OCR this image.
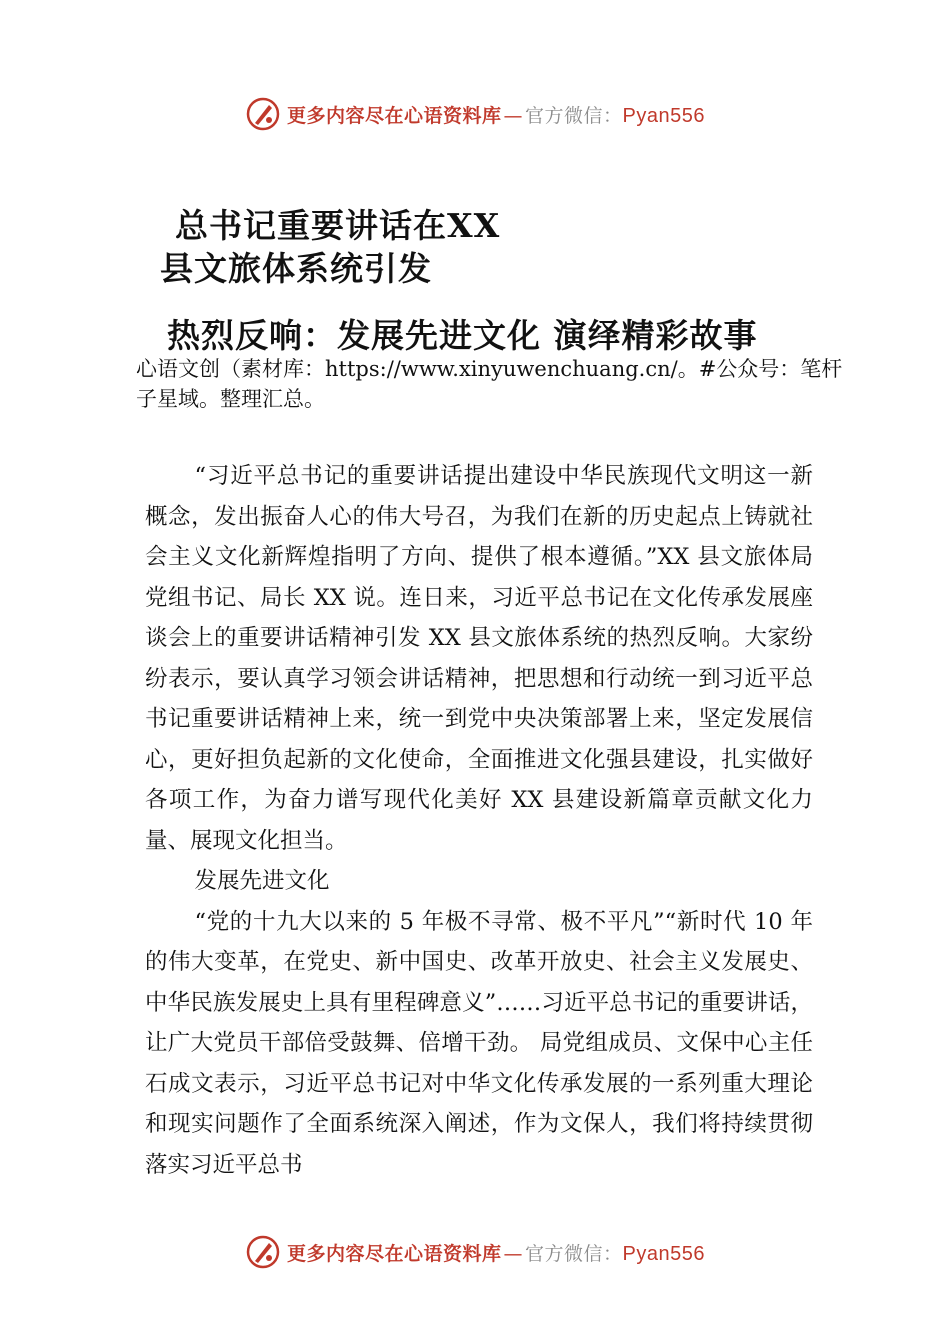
更多内容尽在心语资料库 — 官方微信：Pyan556
总书记重要讲话在XX
县文旅体系统引发
热烈反响：发展先进文化 演绎精彩故事
心语文创（素材库：https://www.xinyuwenchuang.cn/。#公众号：笔杆子星域。整理汇总。

“习近平总书记的重要讲话提出建设中华民族现代文明这一新概念，发出振奋人心的伟大号召，为我们在新的历史起点上铸就社会主义文化新辉煌指明了方向、提供了根本遵循。”XX 县文旅体局党组书记、局长 XX 说。连日来，习近平总书记在文化传承发展座谈会上的重要讲话精神引发 XX 县文旅体系统的热烈反响。大家纷纷表示，要认真学习领会讲话精神，把思想和行动统一到习近平总书记重要讲话精神上来，统一到党中央决策部署上来，坚定发展信心，更好担负起新的文化使命，全面推进文化强县建设，扎实做好各项工作，为奋力谱写现代化美好 XX 县建设新篇章贡献文化力量、展现文化担当。

发展先进文化

“党的十九大以来的 5 年极不寻常、极不平凡”“新时代 10 年的伟大变革，在党史、新中国史、改革开放史、社会主义发展史、中华民族发展史上具有里程碑意义”……习近平总书记的重要讲话，让广大党员干部倍受鼓舞、倍增干劲。 局党组成员、文保中心主任石成文表示，习近平总书记对中华文化传承发展的一系列重大理论和现实问题作了全面系统深入阐述，作为文保人，我们将持续贯彻落实习近平总书

更多内容尽在心语资料库 — 官方微信：Pyan556
